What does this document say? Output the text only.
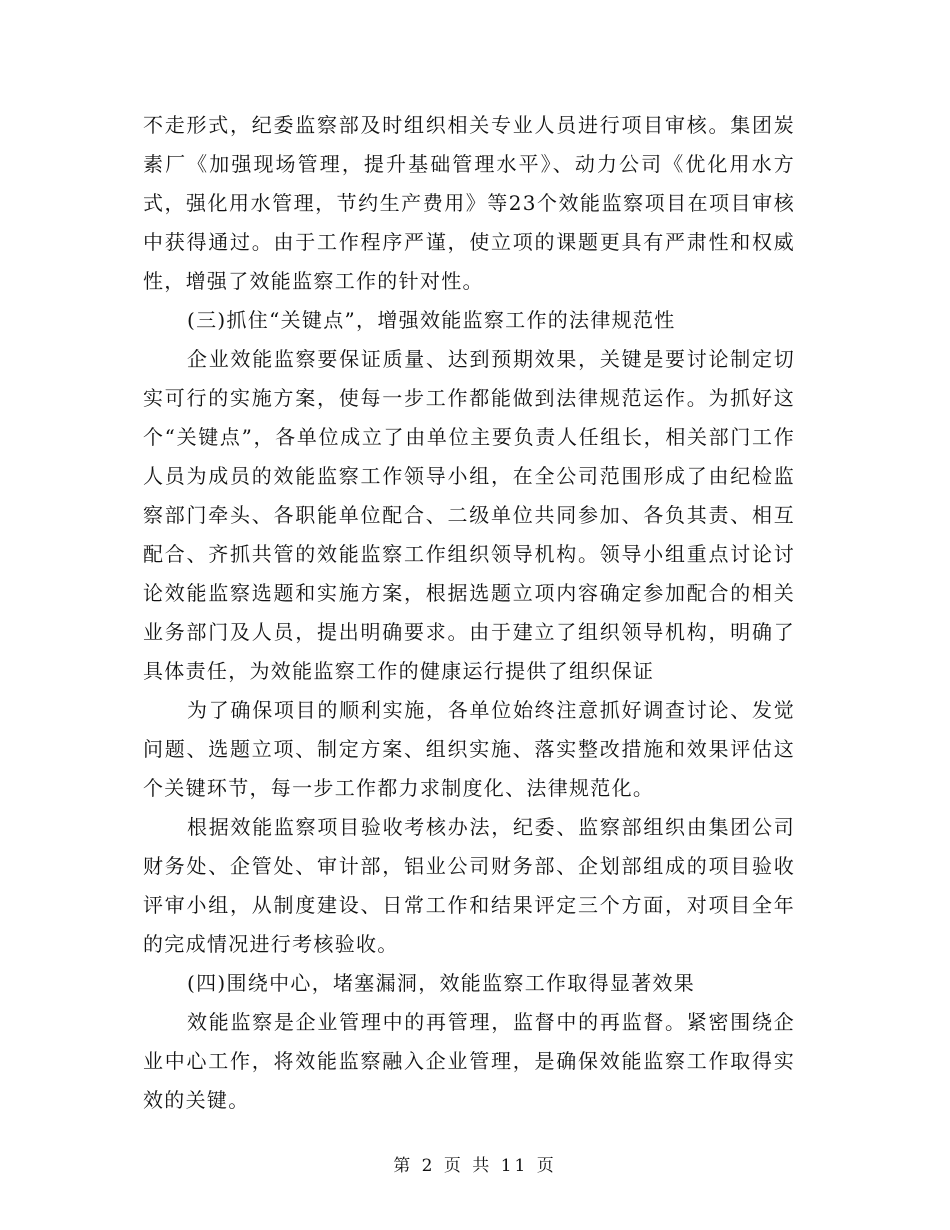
不走形式，纪委监察部及时组织相关专业人员进行项目审核。集团炭素厂《加强现场管理，提升基础管理水平》、动力公司《优化用水方式，强化用水管理，节约生产费用》等23个效能监察项目在项目审核中获得通过。由于工作程序严谨，使立项的课题更具有严肃性和权威性，增强了效能监察工作的针对性。

(三)抓住“关键点”，增强效能监察工作的法律规范性

企业效能监察要保证质量、达到预期效果，关键是要讨论制定切实可行的实施方案，使每一步工作都能做到法律规范运作。为抓好这个“关键点”，各单位成立了由单位主要负责人任组长，相关部门工作人员为成员的效能监察工作领导小组，在全公司范围形成了由纪检监察部门牵头、各职能单位配合、二级单位共同参加、各负其责、相互配合、齐抓共管的效能监察工作组织领导机构。领导小组重点讨论讨论效能监察选题和实施方案，根据选题立项内容确定参加配合的相关业务部门及人员，提出明确要求。由于建立了组织领导机构，明确了具体责任，为效能监察工作的健康运行提供了组织保证

为了确保项目的顺利实施，各单位始终注意抓好调查讨论、发觉问题、选题立项、制定方案、组织实施、落实整改措施和效果评估这个关键环节，每一步工作都力求制度化、法律规范化。

根据效能监察项目验收考核办法，纪委、监察部组织由集团公司财务处、企管处、审计部，铝业公司财务部、企划部组成的项目验收评审小组，从制度建设、日常工作和结果评定三个方面，对项目全年的完成情况进行考核验收。

(四)围绕中心，堵塞漏洞，效能监察工作取得显著效果

效能监察是企业管理中的再管理，监督中的再监督。紧密围绕企业中心工作，将效能监察融入企业管理，是确保效能监察工作取得实效的关键。

第 2 页 共 11 页
